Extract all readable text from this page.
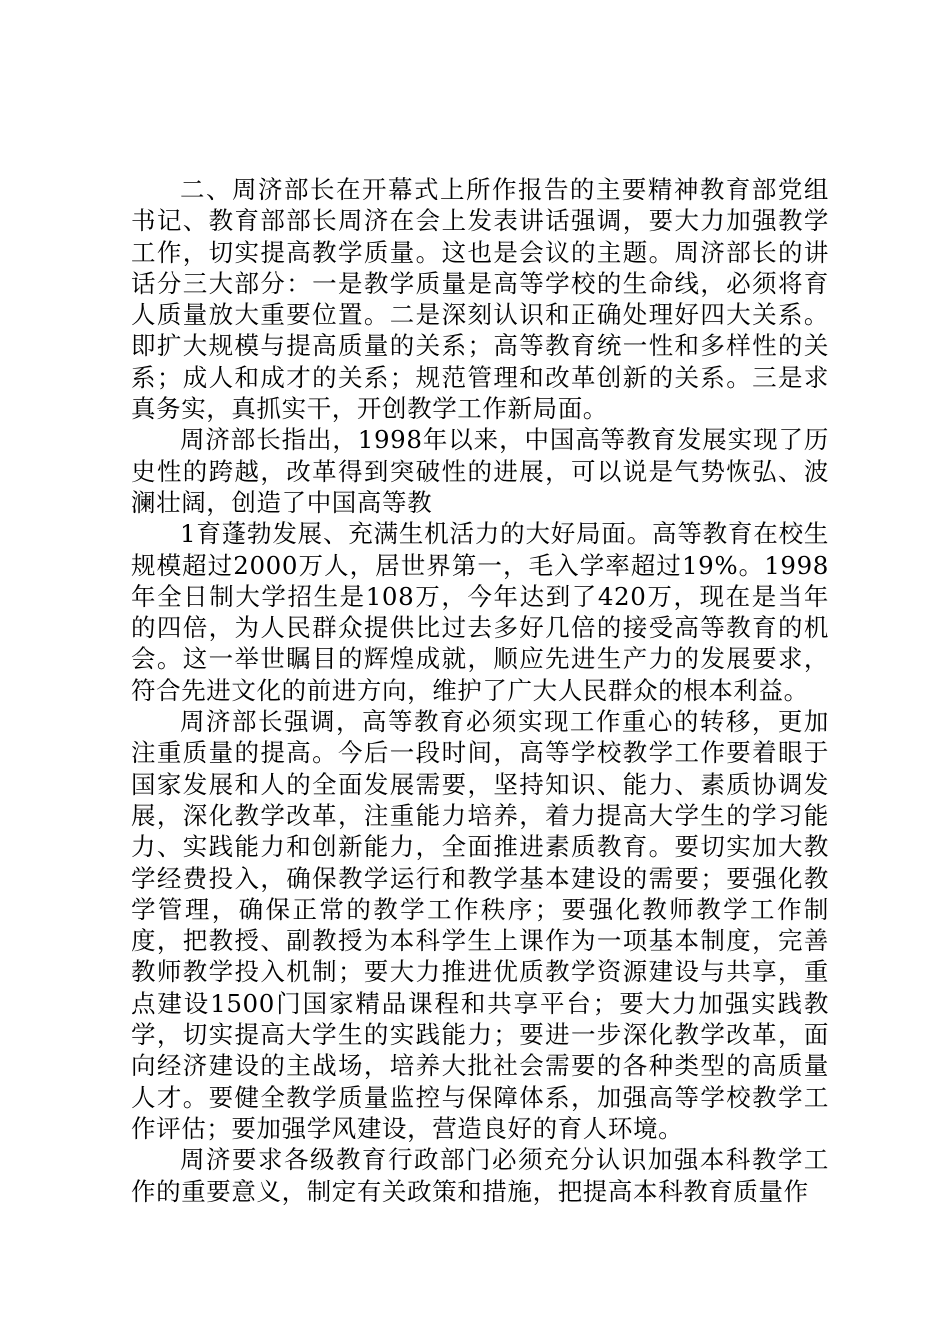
二、周济部长在开幕式上所作报告的主要精神教育部党组书记、教育部部长周济在会上发表讲话强调，要大力加强教学工作，切实提高教学质量。这也是会议的主题。周济部长的讲话分三大部分：一是教学质量是高等学校的生命线，必须将育人质量放大重要位置。二是深刻认识和正确处理好四大关系。即扩大规模与提高质量的关系；高等教育统一性和多样性的关系；成人和成才的关系；规范管理和改革创新的关系。三是求真务实，真抓实干，开创教学工作新局面。

周济部长指出，1998年以来，中国高等教育发展实现了历史性的跨越，改革得到突破性的进展，可以说是气势恢弘、波澜壮阔，创造了中国高等教

1育蓬勃发展、充满生机活力的大好局面。高等教育在校生规模超过2000万人，居世界第一，毛入学率超过19%。1998年全日制大学招生是108万，今年达到了420万，现在是当年的四倍，为人民群众提供比过去多好几倍的接受高等教育的机会。这一举世瞩目的辉煌成就，顺应先进生产力的发展要求，符合先进文化的前进方向，维护了广大人民群众的根本利益。

周济部长强调，高等教育必须实现工作重心的转移，更加注重质量的提高。今后一段时间，高等学校教学工作要着眼于国家发展和人的全面发展需要，坚持知识、能力、素质协调发展，深化教学改革，注重能力培养，着力提高大学生的学习能力、实践能力和创新能力，全面推进素质教育。要切实加大教学经费投入，确保教学运行和教学基本建设的需要；要强化教学管理，确保正常的教学工作秩序；要强化教师教学工作制度，把教授、副教授为本科学生上课作为一项基本制度，完善教师教学投入机制；要大力推进优质教学资源建设与共享，重点建设1500门国家精品课程和共享平台；要大力加强实践教学，切实提高大学生的实践能力；要进一步深化教学改革，面向经济建设的主战场，培养大批社会需要的各种类型的高质量人才。要健全教学质量监控与保障体系，加强高等学校教学工作评估；要加强学风建设，营造良好的育人环境。

周济要求各级教育行政部门必须充分认识加强本科教学工作的重要意义，制定有关政策和措施，把提高本科教育质量作
